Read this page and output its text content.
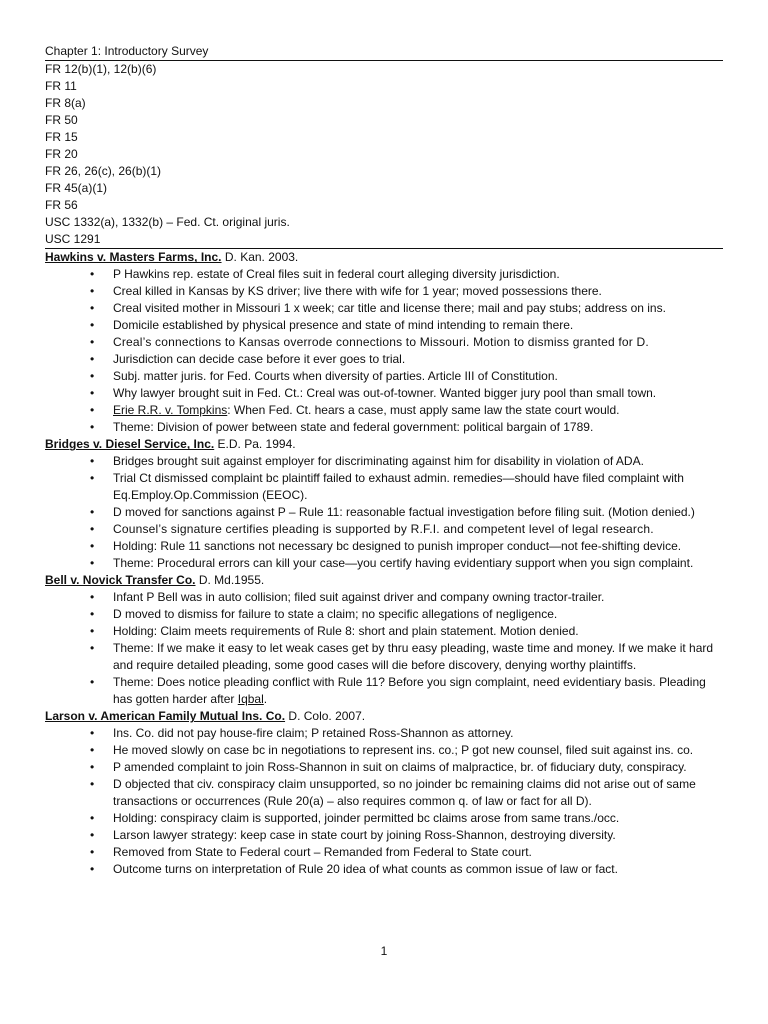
Chapter 1: Introductory Survey
FR 12(b)(1), 12(b)(6)
FR 11
FR 8(a)
FR 50
FR 15
FR 20
FR 26, 26(c), 26(b)(1)
FR 45(a)(1)
FR 56
USC 1332(a), 1332(b) – Fed. Ct. original juris.
USC 1291
Hawkins v. Masters Farms, Inc. D. Kan. 2003.
• P Hawkins rep. estate of Creal files suit in federal court alleging diversity jurisdiction.
• Creal killed in Kansas by KS driver; live there with wife for 1 year; moved possessions there.
• Creal visited mother in Missouri 1 x week; car title and license there; mail and pay stubs; address on ins.
• Domicile established by physical presence and state of mind intending to remain there.
• Creal’s connections to Kansas overrode connections to Missouri. Motion to dismiss granted for D.
• Jurisdiction can decide case before it ever goes to trial.
• Subj. matter juris. for Fed. Courts when diversity of parties. Article III of Constitution.
• Why lawyer brought suit in Fed. Ct.: Creal was out-of-towner. Wanted bigger jury pool than small town.
• Erie R.R. v. Tompkins: When Fed. Ct. hears a case, must apply same law the state court would.
• Theme: Division of power between state and federal government: political bargain of 1789.
Bridges v. Diesel Service, Inc. E.D. Pa. 1994.
• Bridges brought suit against employer for discriminating against him for disability in violation of ADA.
• Trial Ct dismissed complaint bc plaintiff failed to exhaust admin. remedies—should have filed complaint with Eq.Employ.Op.Commission (EEOC).
• D moved for sanctions against P – Rule 11: reasonable factual investigation before filing suit. (Motion denied.)
• Counsel’s signature certifies pleading is supported by R.F.I. and competent level of legal research.
• Holding: Rule 11 sanctions not necessary bc designed to punish improper conduct—not fee-shifting device.
• Theme: Procedural errors can kill your case—you certify having evidentiary support when you sign complaint.
Bell v. Novick Transfer Co. D. Md.1955.
• Infant P Bell was in auto collision; filed suit against driver and company owning tractor-trailer.
• D moved to dismiss for failure to state a claim; no specific allegations of negligence.
• Holding: Claim meets requirements of Rule 8: short and plain statement. Motion denied.
• Theme: If we make it easy to let weak cases get by thru easy pleading, waste time and money. If we make it hard and require detailed pleading, some good cases will die before discovery, denying worthy plaintiffs.
• Theme: Does notice pleading conflict with Rule 11? Before you sign complaint, need evidentiary basis. Pleading has gotten harder after Iqbal.
Larson v. American Family Mutual Ins. Co. D. Colo. 2007.
• Ins. Co. did not pay house-fire claim; P retained Ross-Shannon as attorney.
• He moved slowly on case bc in negotiations to represent ins. co.; P got new counsel, filed suit against ins. co.
• P amended complaint to join Ross-Shannon in suit on claims of malpractice, br. of fiduciary duty, conspiracy.
• D objected that civ. conspiracy claim unsupported, so no joinder bc remaining claims did not arise out of same transactions or occurrences (Rule 20(a) – also requires common q. of law or fact for all D).
• Holding: conspiracy claim is supported, joinder permitted bc claims arose from same trans./occ.
• Larson lawyer strategy: keep case in state court by joining Ross-Shannon, destroying diversity.
• Removed from State to Federal court – Remanded from Federal to State court.
• Outcome turns on interpretation of Rule 20 idea of what counts as common issue of law or fact.
1
